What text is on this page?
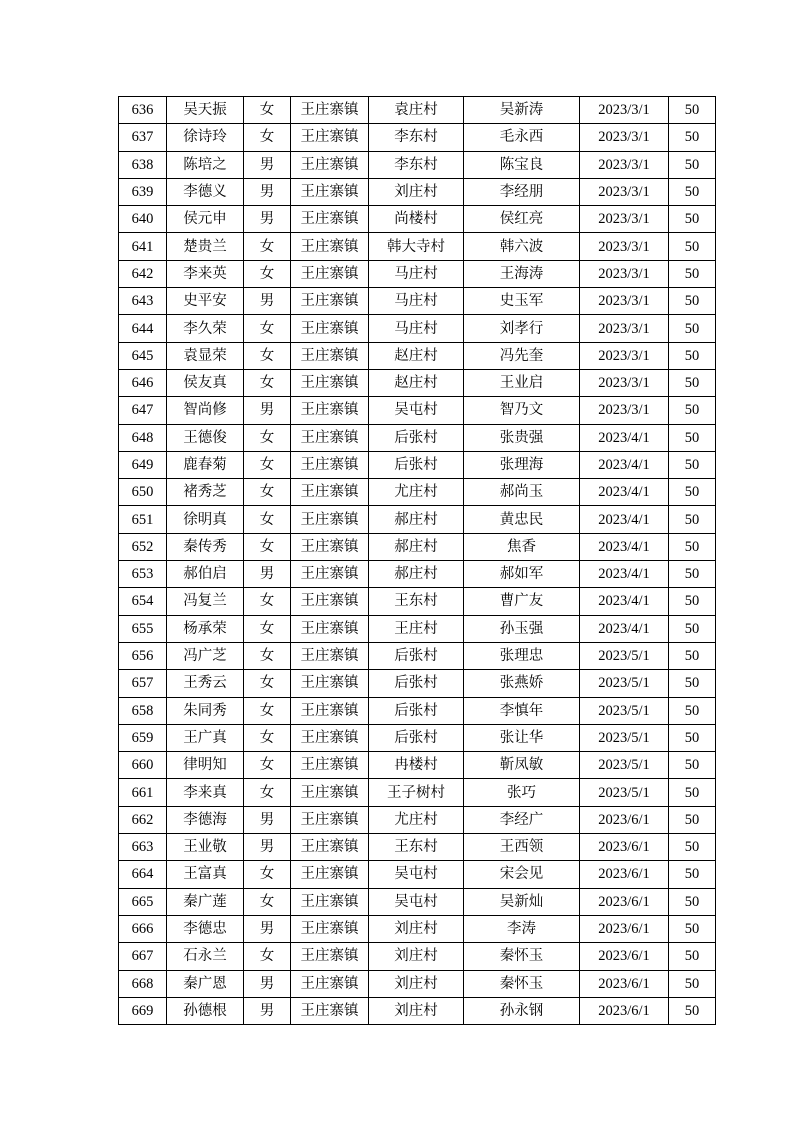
636	吴天振	女	王庄寨镇	袁庄村	吴新涛	2023/3/1	50
637	徐诗玲	女	王庄寨镇	李东村	毛永西	2023/3/1	50
638	陈培之	男	王庄寨镇	李东村	陈宝良	2023/3/1	50
639	李德义	男	王庄寨镇	刘庄村	李经朋	2023/3/1	50
640	侯元申	男	王庄寨镇	尚楼村	侯红亮	2023/3/1	50
641	楚贵兰	女	王庄寨镇	韩大寺村	韩六波	2023/3/1	50
642	李来英	女	王庄寨镇	马庄村	王海涛	2023/3/1	50
643	史平安	男	王庄寨镇	马庄村	史玉军	2023/3/1	50
644	李久荣	女	王庄寨镇	马庄村	刘孝行	2023/3/1	50
645	袁显荣	女	王庄寨镇	赵庄村	冯先奎	2023/3/1	50
646	侯友真	女	王庄寨镇	赵庄村	王业启	2023/3/1	50
647	智尚修	男	王庄寨镇	吴屯村	智乃文	2023/3/1	50
648	王德俊	女	王庄寨镇	后张村	张贵强	2023/4/1	50
649	鹿春菊	女	王庄寨镇	后张村	张理海	2023/4/1	50
650	褚秀芝	女	王庄寨镇	尤庄村	郝尚玉	2023/4/1	50
651	徐明真	女	王庄寨镇	郝庄村	黄忠民	2023/4/1	50
652	秦传秀	女	王庄寨镇	郝庄村	焦香	2023/4/1	50
653	郝伯启	男	王庄寨镇	郝庄村	郝如军	2023/4/1	50
654	冯复兰	女	王庄寨镇	王东村	曹广友	2023/4/1	50
655	杨承荣	女	王庄寨镇	王庄村	孙玉强	2023/4/1	50
656	冯广芝	女	王庄寨镇	后张村	张理忠	2023/5/1	50
657	王秀云	女	王庄寨镇	后张村	张燕娇	2023/5/1	50
658	朱同秀	女	王庄寨镇	后张村	李慎年	2023/5/1	50
659	王广真	女	王庄寨镇	后张村	张让华	2023/5/1	50
660	律明知	女	王庄寨镇	冉楼村	靳凤敏	2023/5/1	50
661	李来真	女	王庄寨镇	王子树村	张巧	2023/5/1	50
662	李德海	男	王庄寨镇	尤庄村	李经广	2023/6/1	50
663	王业敬	男	王庄寨镇	王东村	王西领	2023/6/1	50
664	王富真	女	王庄寨镇	吴屯村	宋会见	2023/6/1	50
665	秦广莲	女	王庄寨镇	吴屯村	吴新灿	2023/6/1	50
666	李德忠	男	王庄寨镇	刘庄村	李涛	2023/6/1	50
667	石永兰	女	王庄寨镇	刘庄村	秦怀玉	2023/6/1	50
668	秦广恩	男	王庄寨镇	刘庄村	秦怀玉	2023/6/1	50
669	孙德根	男	王庄寨镇	刘庄村	孙永钢	2023/6/1	50
